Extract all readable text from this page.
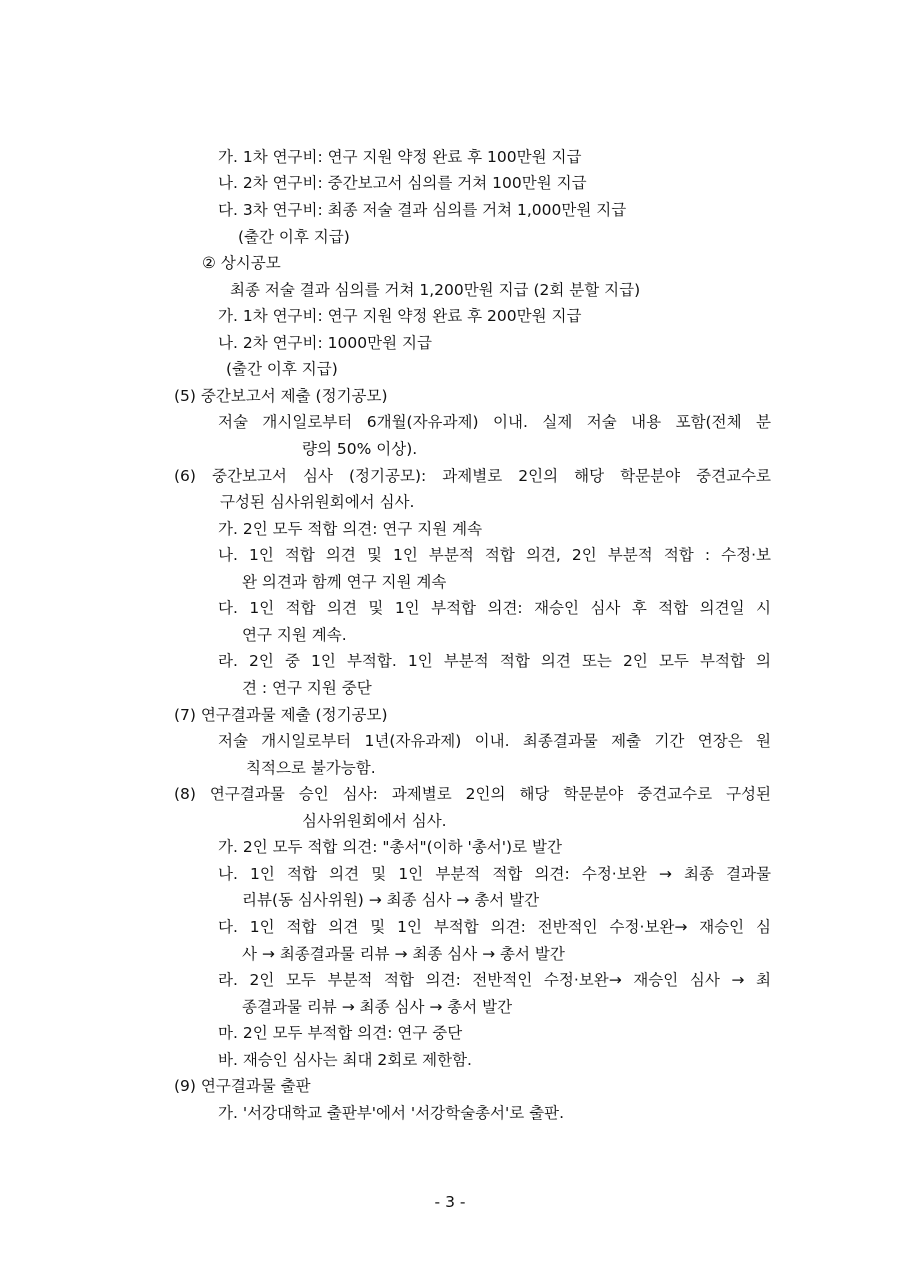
가. 1차 연구비: 연구 지원 약정 완료 후 100만원 지급
나. 2차 연구비: 중간보고서 심의를 거쳐 100만원 지급
다. 3차 연구비: 최종 저술 결과 심의를 거쳐 1,000만원 지급
(출간 이후 지급)
② 상시공모
최종 저술 결과 심의를 거쳐 1,200만원 지급 (2회 분할 지급)
가. 1차 연구비: 연구 지원 약정 완료 후 200만원 지급
나. 2차 연구비: 1000만원 지급
(출간 이후 지급)
(5) 중간보고서 제출 (정기공모)
저술 개시일로부터 6개월(자유과제) 이내. 실제 저술 내용 포함(전체 분
량의 50% 이상).
(6) 중간보고서 심사 (정기공모): 과제별로 2인의 해당 학문분야 중견교수로
구성된 심사위원회에서 심사.
가. 2인 모두 적합 의견: 연구 지원 계속
나. 1인 적합 의견 및 1인 부분적 적합 의견, 2인 부분적 적합 : 수정·보
완 의견과 함께 연구 지원 계속
다. 1인 적합 의견 및 1인 부적합 의견: 재승인 심사 후 적합 의견일 시
연구 지원 계속.
라. 2인 중 1인 부적합. 1인 부분적 적합 의견 또는 2인 모두 부적합 의
견 : 연구 지원 중단
(7) 연구결과물 제출 (정기공모)
저술 개시일로부터 1년(자유과제) 이내. 최종결과물 제출 기간 연장은 원
칙적으로 불가능함.
(8) 연구결과물 승인 심사: 과제별로 2인의 해당 학문분야 중견교수로 구성된
심사위원회에서 심사.
가. 2인 모두 적합 의견: "총서"(이하 '총서')로 발간
나. 1인 적합 의견 및 1인 부분적 적합 의견: 수정·보완 → 최종 결과물
리뷰(동 심사위원) → 최종 심사 → 총서 발간
다. 1인 적합 의견 및 1인 부적합 의견: 전반적인 수정·보완→ 재승인 심
사 → 최종결과물 리뷰 → 최종 심사 → 총서 발간
라. 2인 모두 부분적 적합 의견: 전반적인 수정·보완→ 재승인 심사 → 최
종결과물 리뷰 → 최종 심사 → 총서 발간
마. 2인 모두 부적합 의견: 연구 중단
바. 재승인 심사는 최대 2회로 제한함.
(9) 연구결과물 출판
가. '서강대학교 출판부'에서 '서강학술총서'로 출판.
- 3 -
